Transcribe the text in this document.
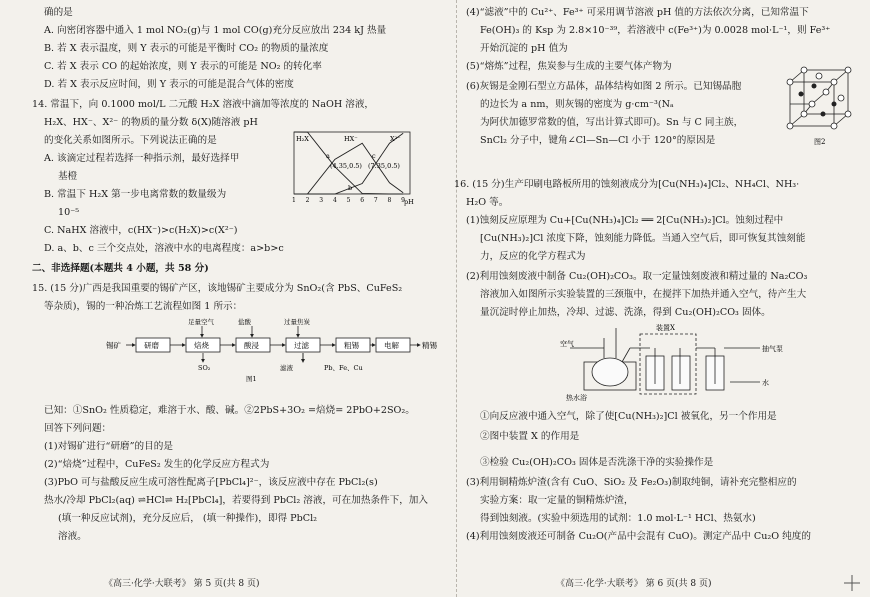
确的是
A. 向密闭容器中通入 1 mol NO₂(g)与 1 mol CO(g)充分反应放出 234 kJ 热量
B. 若 X 表示温度，则 Y 表示的可能是平衡时 CO₂ 的物质的量浓度
C. 若 X 表示 CO 的起始浓度，则 Y 表示的可能是 NO₂ 的转化率
D. 若 X 表示反应时间，则 Y 表示的可能是混合气体的密度
14. 常温下，向 0.1000 mol/L 二元酸 H₂X 溶液中滴加等浓度的 NaOH 溶液，
H₂X、HX⁻、X²⁻ 的物质的量分数 δ(X)随溶液 pH
的变化关系如图所示。下列说法正确的是
A. 该滴定过程若选择一种指示剂，最好选择甲
基橙
B. 常温下 H₂X 第一步电离常数的数量级为
10⁻⁵
C. NaHX 溶液中，c(HX⁻)>c(H₂X)>c(X²⁻)
D. a、b、c 三个交点处，溶液中水的电离程度：a>b>c
二、非选择题(本题共 4 小题，共 58 分)
15. (15 分)广西是我国重要的锡矿产区，该地锡矿主要成分为 SnO₂(含 PbS、CuFeS₂
等杂质)，锡的一种冶炼工艺流程如图 1 所示：
已知：①SnO₂ 性质稳定，难溶于水、酸、碱。②2PbS+3O₂ =焙烧= 2PbO+2SO₂。
回答下列问题：
(1)对锡矿进行“研磨”的目的是
(2)“焙烧”过程中，CuFeS₂ 发生的化学反应方程式为
(3)PbO 可与盐酸反应生成可溶性配离子[PbCl₄]²⁻，该反应液中存在 PbCl₂(s)
热水/冷却 PbCl₂(aq) ⇌HCl⇌ H₂[PbCl₄]，若要得到 PbCl₂ 溶液，可在加热条件下，加入
(填一种反应试剂)，充分反应后， (填一种操作)，即得 PbCl₂
溶液。
H₂X	HX⁻	X²⁻
1 2 3 4 5 6 7 8 9
(4.35,0.5) (7.35,0.5)
a
b
c
pH
锡矿	研磨	焙烧	酸浸	过滤	粗锡	电解	精锡
足量空气	盐酸	过量焦炭
SO₂	滤液	Pb、Fe、Cu
图1
《高三·化学·大联考》 第 5 页(共 8 页)
(4)“滤液”中的 Cu²⁺、Fe³⁺ 可采用调节溶液 pH 值的方法依次分离，已知常温下
Fe(OH)₃ 的 Ksp 为 2.8×10⁻³⁹，若溶液中 c(Fe³⁺)为 0.0028 mol·L⁻¹，则 Fe³⁺
开始沉淀的 pH 值为
(5)“熔炼”过程，焦炭参与生成的主要气体产物为
(6)灰锡是金刚石型立方晶体，晶体结构如图 2 所示。已知锡晶胞
的边长为 a nm，则灰锡的密度为 g·cm⁻³(Nₐ
为阿伏加德罗常数的值，写出计算式即可)。Sn 与 C 同主族，
SnCl₂ 分子中，键角∠Cl—Sn—Cl 小于 120°的原因是
16. (15 分)生产印刷电路板所用的蚀刻液成分为[Cu(NH₃)₄]Cl₂、NH₄Cl、NH₃·
H₂O 等。
(1)蚀刻反应原理为 Cu+[Cu(NH₃)₄]Cl₂ ══ 2[Cu(NH₃)₂]Cl。蚀刻过程中
[Cu(NH₃)₂]Cl 浓度下降，蚀刻能力降低。当通入空气后，即可恢复其蚀刻能
力，反应的化学方程式为
(2)利用蚀刻废液中制备 Cu₂(OH)₂CO₃。取一定量蚀刻废液和精过量的 Na₂CO₃
溶液加入如图所示实验装置的三颈瓶中，在搅拌下加热并通入空气，待产生大
量沉淀时停止加热，冷却、过滤、洗涤，得到 Cu₂(OH)₂CO₃ 固体。
①向反应液中通入空气，除了使[Cu(NH₃)₂]Cl 被氧化，另一个作用是
②图中装置 X 的作用是
③检验 Cu₂(OH)₂CO₃ 固体是否洗涤干净的实验操作是
(3)利用铜精炼炉渣(含有 CuO、SiO₂ 及 Fe₂O₃)制取纯铜，请补充完整相应的
实验方案：取一定量的铜精炼炉渣，
得到蚀刻液。(实验中须选用的试剂：1.0 mol·L⁻¹ HCl、热氨水)
(4)利用蚀刻废液还可制备 Cu₂O(产品中会混有 CuO)。测定产品中 Cu₂O 纯度的
图2
空气
热水浴
装置X
抽气泵
水
《高三·化学·大联考》 第 6 页(共 8 页)
